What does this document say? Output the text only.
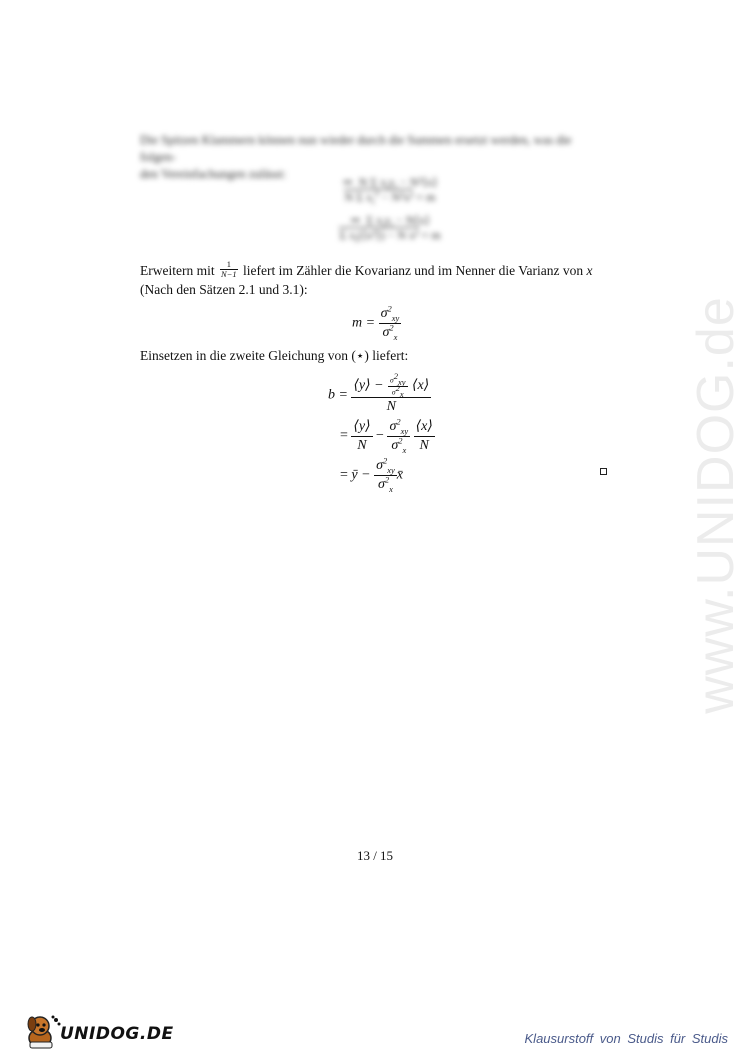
Die Spitzen Klammern können nun wieder durch die Summen ersetzt werden, was die folgen-
den Vereinfachungen zulässt:
⇒  N Σ $x_iy_i$ − N²⟨x⟩
N Σ $x_i^2 - N^2x^2 = m$
⇒  Σ $x_iy_i$ − N⟨x⟩
Σ $x_i(⟨x^2⟩) - N$ x² = m
Erweitern mit $\frac{1}{N-1}$ liefert im Zähler die Kovarianz und im Nenner die Varianz von x (Nach den Sätzen 2.1 und 3.1):
$m = \frac{\sigma^2_{xy}}{\sigma^2_x}$
Einsetzen in die zweite Gleichung von (⋆) liefert:
b =
⟨y⟩ − $\frac{\sigma^2_{xy}}{\sigma^2_x}$ ⟨x⟩
N
= $\frac{⟨y⟩}{N} - \frac{\sigma^2_{xy}}{\sigma^2_x}$
$\frac{⟨x⟩}{N}$
= ȳ − $\frac{\sigma^2_{xy}}{\sigma^2_x}$ x̄
13 / 15
www.UNIDOG.de
UNIDOG.DE	Klausurstoff von Studis für Studis
